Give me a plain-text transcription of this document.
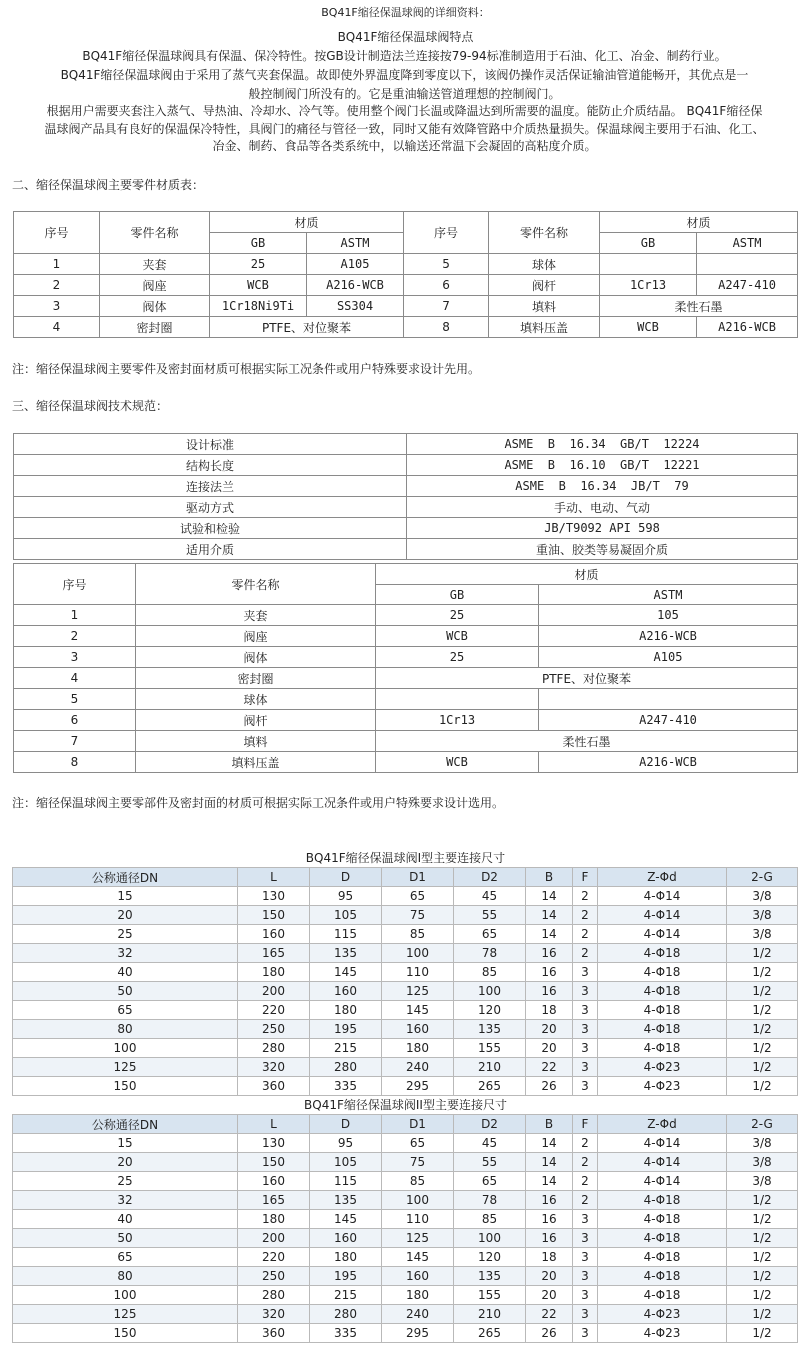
BQ41F缩径保温球阀的详细资料：
BQ41F缩径保温球阀特点

BQ41F缩径保温球阀具有保温、保冷特性。按GB设计制造法兰连接按79-94标准制造用于石油、化工、冶金、制药行业。

BQ41F缩径保温球阀由于采用了蒸气夹套保温。故即使外界温度降到零度以下，该阀仍操作灵活保证输油管道能畅开，其优点是一

般控制阀门所没有的。它是重油输送管道理想的控制阀门。

根据用户需要夹套注入蒸气、导热油、冷却水、冷气等。使用整个阀门长温或降温达到所需要的温度。能防止介质结晶。 BQ41F缩径保

温球阀产品具有良好的保温保冷特性，具阀门的痛径与管径一致，同时又能有效降管路中介质热量损失。保温球阀主要用于石油、化工、

冶金、制药、食品等各类系统中，以输送还常温下会凝固的高粘度介质。

二、缩径保温球阀主要零件材质表：
序号	零件名称	材质		序号	零件名称	材质	
		GB	ASTM			GB	ASTM
1	夹套	25	A105	5	球体		
2	阀座	WCB	A216-WCB	6	阀杆	1Cr13	A247-410
3	阀体	1Cr18Ni9Ti	SS304	7	填料	柔性石墨	
4	密封圈	PTFE、对位聚苯		8	填料压盖	WCB	A216-WCB
注：缩径保温球阀主要零件及密封面材质可根据实际工况条件或用户特殊要求设计先用。
三、缩径保温球阀技术规范：
设计标准	ASME  B  16.34  GB/T  12224
结构长度	ASME  B  16.10  GB/T  12221
连接法兰	ASME  B  16.34  JB/T  79
驱动方式	手动、电动、气动
试验和检验	JB/T9092 API 598
适用介质	重油、胶类等易凝固介质
序号	零件名称	材质	
		GB	ASTM
1	夹套	25	105
2	阀座	WCB	A216-WCB
3	阀体	25	A105
4	密封圈	PTFE、对位聚苯	
5	球体		
6	阀杆	1Cr13	A247-410
7	填料	柔性石墨	
8	填料压盖	WCB	A216-WCB
注：缩径保温球阀主要零部件及密封面的材质可根据实际工况条件或用户特殊要求设计选用。
BQ41F缩径保温球阀I型主要连接尺寸
公称通径DN	L	D	D1	D2	B	F	Z-Φd	2-G
15	130	95	65	45	14	2	4-Φ14	3/8
20	150	105	75	55	14	2	4-Φ14	3/8
25	160	115	85	65	14	2	4-Φ14	3/8
32	165	135	100	78	16	2	4-Φ18	1/2
40	180	145	110	85	16	3	4-Φ18	1/2
50	200	160	125	100	16	3	4-Φ18	1/2
65	220	180	145	120	18	3	4-Φ18	1/2
80	250	195	160	135	20	3	4-Φ18	1/2
100	280	215	180	155	20	3	4-Φ18	1/2
125	320	280	240	210	22	3	4-Φ23	1/2
150	360	335	295	265	26	3	4-Φ23	1/2
BQ41F缩径保温球阀II型主要连接尺寸
公称通径DN	L	D	D1	D2	B	F	Z-Φd	2-G
15	130	95	65	45	14	2	4-Φ14	3/8
20	150	105	75	55	14	2	4-Φ14	3/8
25	160	115	85	65	14	2	4-Φ14	3/8
32	165	135	100	78	16	2	4-Φ18	1/2
40	180	145	110	85	16	3	4-Φ18	1/2
50	200	160	125	100	16	3	4-Φ18	1/2
65	220	180	145	120	18	3	4-Φ18	1/2
80	250	195	160	135	20	3	4-Φ18	1/2
100	280	215	180	155	20	3	4-Φ18	1/2
125	320	280	240	210	22	3	4-Φ23	1/2
150	360	335	295	265	26	3	4-Φ23	1/2
